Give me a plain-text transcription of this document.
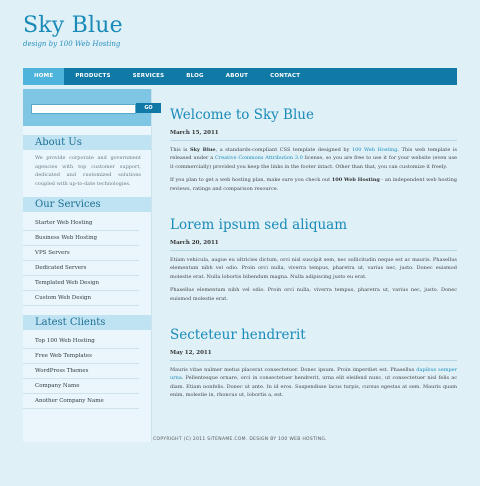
Sky Blue
design by 100 Web Hosting
HOME	PRODUCTS	SERVICES	BLOG	ABOUT	CONTACT
GO
About Us
We provide corporate and government agencies with top customer support, dedicated and customized solutions coupled with up-to-date technologies.
Our Services
Starter Web Hosting
Business Web Hosting
VPS Servers
Dedicated Servers
Templated Web Design
Custom Web Design
Latest Clients
Top 100 Web Hosting
Free Web Templates
WordPress Themes
Company Name
Another Company Name
Welcome to Sky Blue
March 15, 2011

This is Sky Blue, a standards-compliant CSS template designed by 100 Web Hosting. This web template is released under a Creative Commons Attribution 3.0 license, so you are free to use it for your website (even use it commercially) provided you keep the links in the footer intact. Other than that, you can customize it freely.

If you plan to get a web hosting plan, make sure you check out 100 Web Hosting - an independent web hosting reviews, ratings and comparison resource.

Lorem ipsum sed aliquam
March 20, 2011

Etiam vehicula, augue eu ultricies dictum, orci nisl suscipit sem, nec sollicitudin neque est ac mauris. Phasellus elementum nibh vel odio. Proin orci nulla, viverra tempus, pharetra ut, varius nec, justo. Donec euismod molestie erat. Nulla lobortis bibendum magna. Nulla adipiscing justo eu erat.

Phasellus elementum nibh vel odio. Proin orci nulla, viverra tempus, pharetra ut, varius nec, justo. Donec euismod molestie erat.

Secteteur hendrerit
May 12, 2011

Mauris vitae nulmer metus placerat consectetuer. Donec ipsum. Proin imperdiet est. Phasellus dapibus semper urna. Pellentesque ornare, orci in consectetuer hendrerit, urna elit eleifend nunc, ut consectetuer nisl felis ac diam. Etiam nonfelis. Donec ut ante. In id eros. Suspendisse lacus turpis, cursus egestas at sem. Mauris quam enim, molestie in, rhoncus ut, lobortis a, est.

COPYRIGHT (C) 2011 SITENAME.COM. DESIGN BY 100 WEB HOSTING.
